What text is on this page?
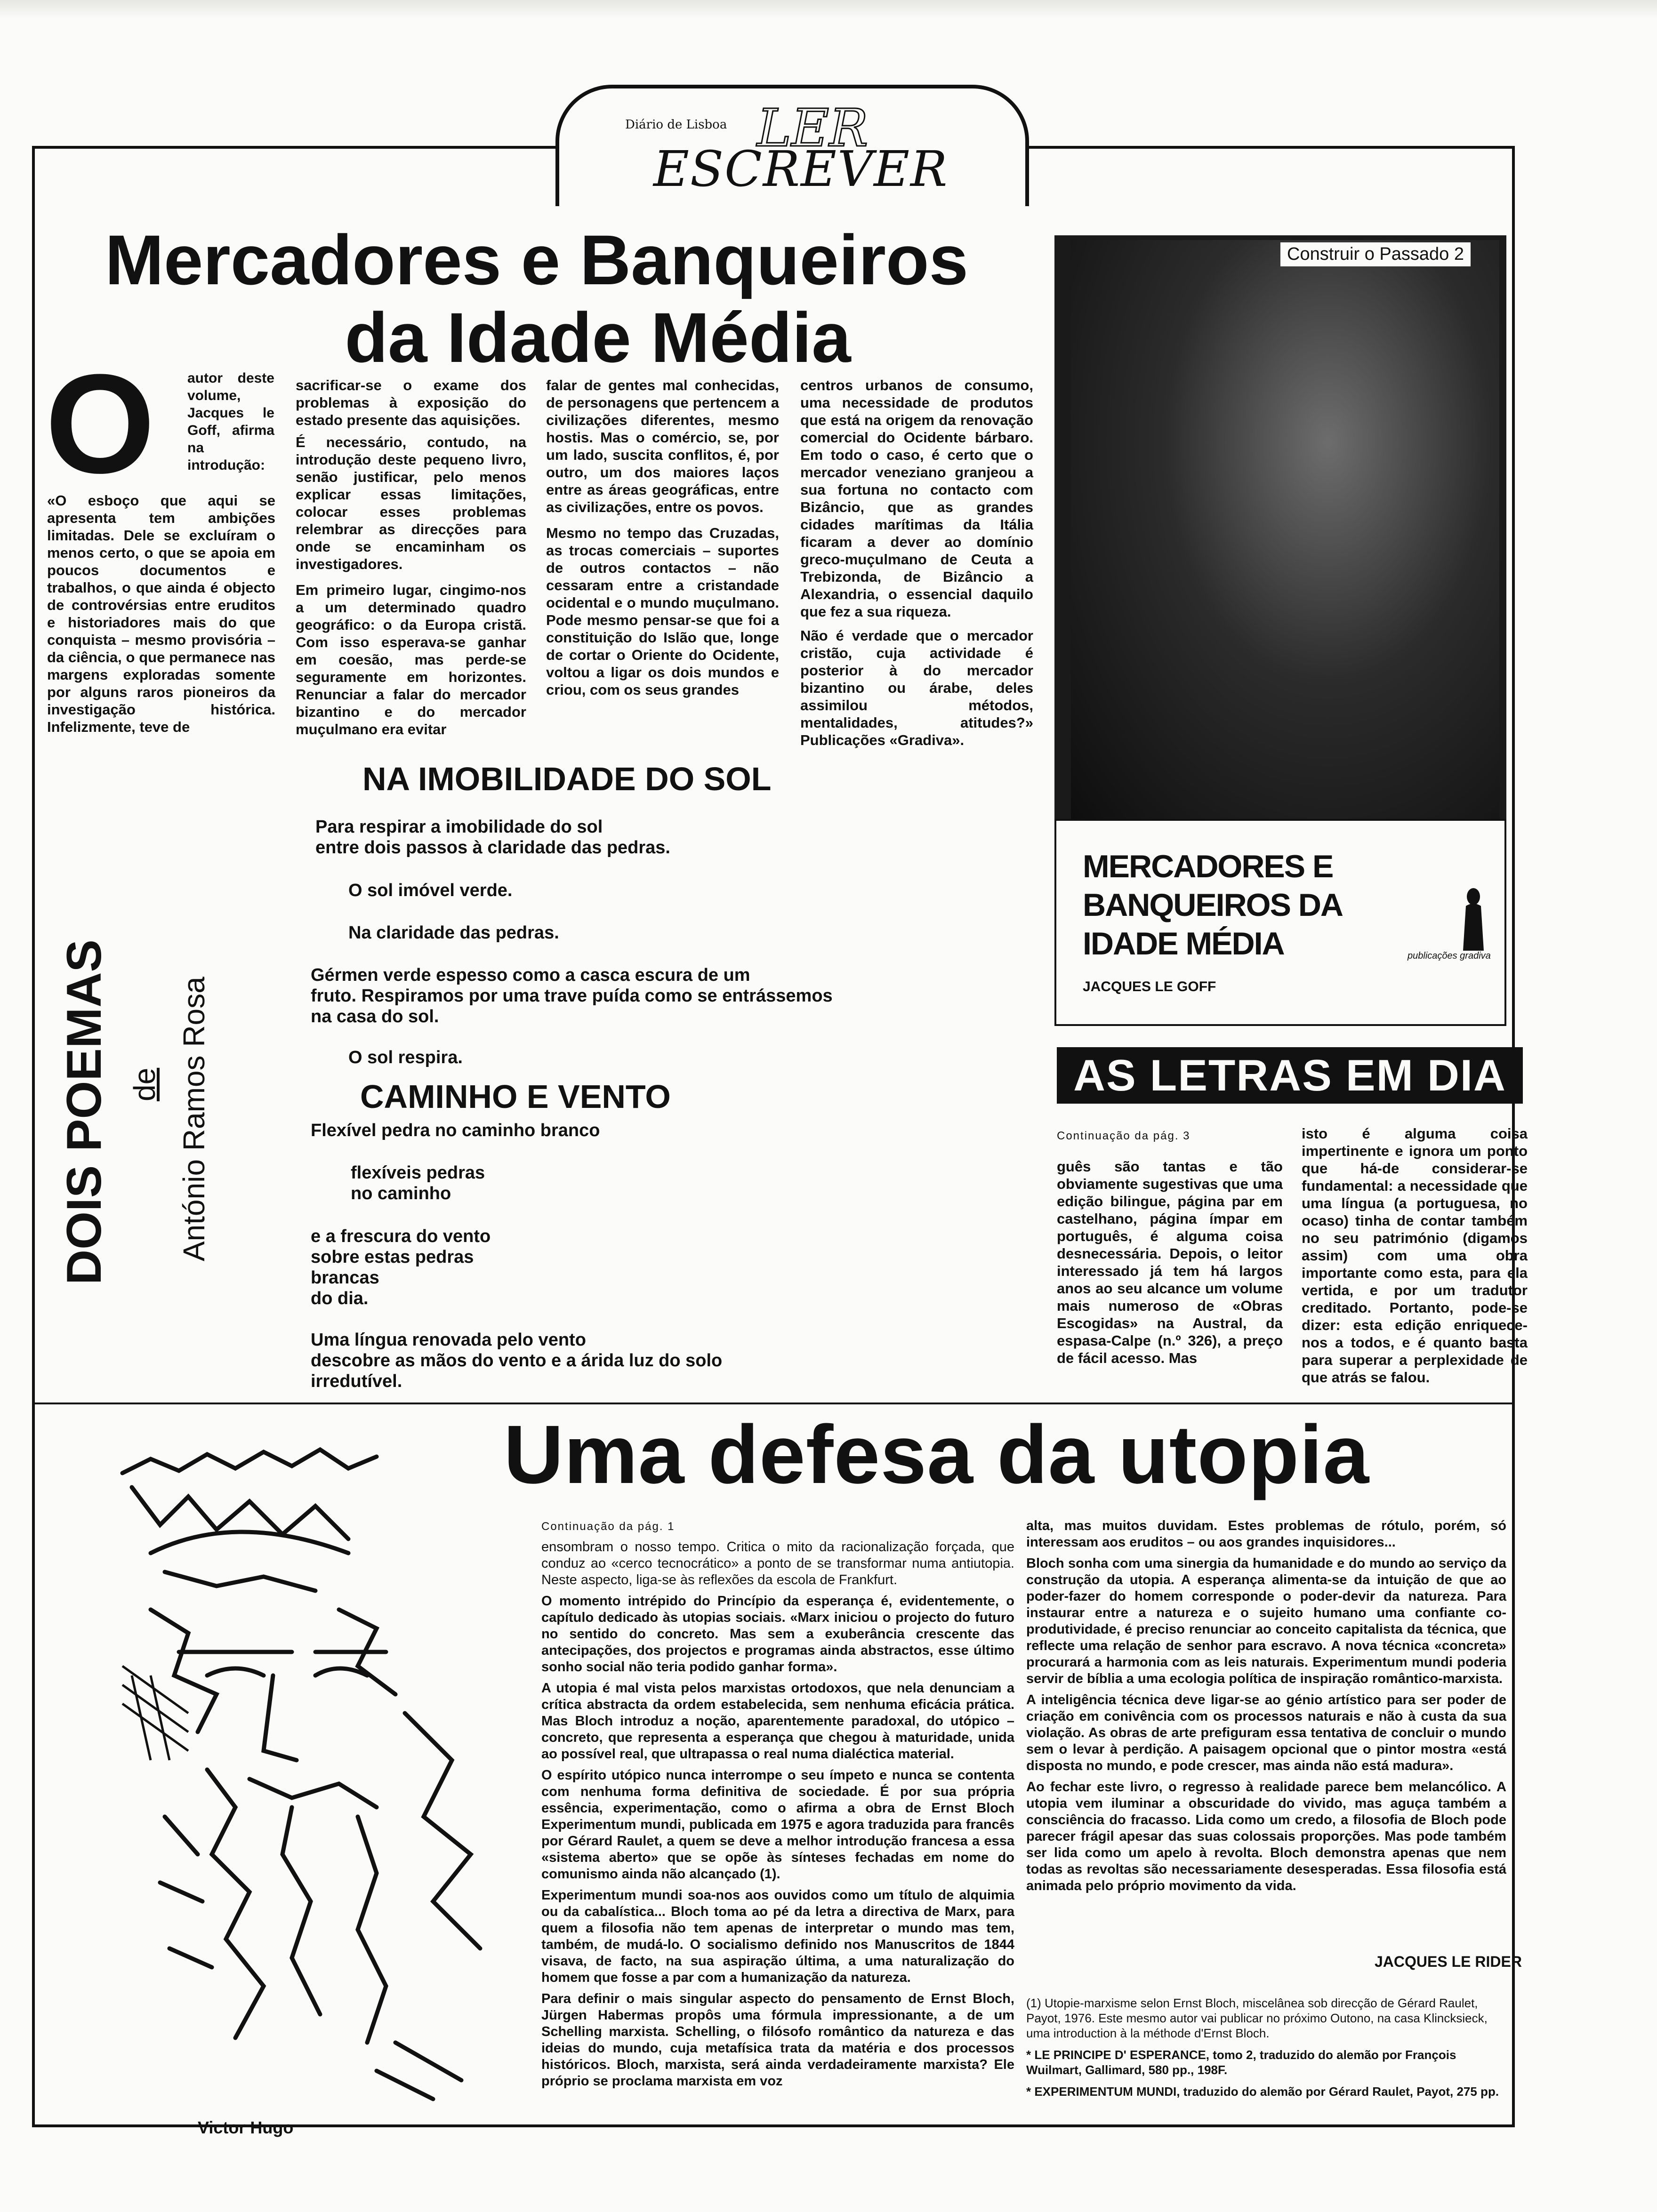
Diário de Lisboa LER
ESCREVER
Mercadores e Banqueiros
da Idade Média
O autor deste volume, Jacques le Goff, afirma na introdução:
«O esboço que aqui se apresenta tem ambições limitadas. Dele se excluíram o menos certo, o que se apoia em poucos documentos e trabalhos, o que ainda é objecto de controvérsias entre eruditos e historiadores mais do que conquista – mesmo provisória – da ciência, o que permanece nas margens exploradas somente por alguns raros pioneiros da investigação histórica. Infelizmente, teve de

sacrificar-se o exame dos problemas à exposição do estado presente das aquisições.

É necessário, contudo, na introdução deste pequeno livro, senão justificar, pelo menos explicar essas limitações, colocar esses problemas relembrar as direcções para onde se encaminham os investigadores.

Em primeiro lugar, cingimo-nos a um determinado quadro geográfico: o da Europa cristã. Com isso esperava-se ganhar em coesão, mas perde-se seguramente em horizontes. Renunciar a falar do mercador bizantino e do mercador muçulmano era evitar

falar de gentes mal conhecidas, de personagens que pertencem a civilizações diferentes, mesmo hostis. Mas o comércio, se, por um lado, suscita conflitos, é, por outro, um dos maiores laços entre as áreas geográficas, entre as civilizações, entre os povos.

Mesmo no tempo das Cruzadas, as trocas comerciais – suportes de outros contactos – não cessaram entre a cristandade ocidental e o mundo muçulmano. Pode mesmo pensar-se que foi a constituição do Islão que, longe de cortar o Oriente do Ocidente, voltou a ligar os dois mundos e criou, com os seus grandes

centros urbanos de consumo, uma necessidade de produtos que está na origem da renovação comercial do Ocidente bárbaro. Em todo o caso, é certo que o mercador veneziano granjeou a sua fortuna no contacto com Bizâncio, que as grandes cidades marítimas da Itália ficaram a dever ao domínio greco-muçulmano de Ceuta a Trebizonda, de Bizâncio a Alexandria, o essencial daquilo que fez a sua riqueza.

Não é verdade que o mercador cristão, cuja actividade é posterior à do mercador bizantino ou árabe, deles assimilou métodos, mentalidades, atitudes?» Publicações «Gradiva».

Construir o Passado 2
MERCADORES E
BANQUEIROS DA
IDADE MÉDIA
JACQUES LE GOFF
publicações gradiva
AS LETRAS EM DIA
Continuação da pág. 3
guês são tantas e tão obviamente sugestivas que uma edição bilingue, página par em castelhano, página ímpar em português, é alguma coisa desnecessária. Depois, o leitor interessado já tem há largos anos ao seu alcance um volume mais numeroso de «Obras Escogidas» na Austral, da espasa-Calpe (n.º 326), a preço de fácil acesso. Mas
isto é alguma coisa impertinente e ignora um ponto que há-de considerar-se fundamental: a necessidade que uma língua (a portuguesa, no ocaso) tinha de contar também no seu património (digamos assim) com uma obra importante como esta, para ela vertida, e por um tradutor creditado. Portanto, pode-se dizer: esta edição enriquece-nos a todos, e é quanto basta para superar a perplexidade de que atrás se falou.
DOIS POEMAS de António Ramos Rosa
NA IMOBILIDADE DO SOL
Para respirar a imobilidade do sol
entre dois passos à claridade das pedras.
O sol imóvel verde.
Na claridade das pedras.
Gérmen verde espesso como a casca escura de um
fruto. Respiramos por uma trave puída como se entrássemos
na casa do sol.
O sol respira.
CAMINHO E VENTO
Flexível pedra no caminho branco
flexíveis pedras
no caminho
e a frescura do vento
sobre estas pedras
brancas
do dia.
Uma língua renovada pelo vento
descobre as mãos do vento e a árida luz do solo
irredutível.
Uma defesa da utopia
Victor Hugo
Continuação da pág. 1

ensombram o nosso tempo. Critica o mito da racionalização forçada, que conduz ao «cerco tecnocrático» a ponto de se transformar numa antiutopia. Neste aspecto, liga-se às reflexões da escola de Frankfurt.

O momento intrépido do Princípio da esperança é, evidentemente, o capítulo dedicado às utopias sociais. «Marx iniciou o projecto do futuro no sentido do concreto. Mas sem a exuberância crescente das antecipações, dos projectos e programas ainda abstractos, esse último sonho social não teria podido ganhar forma».

A utopia é mal vista pelos marxistas ortodoxos, que nela denunciam a crítica abstracta da ordem estabelecida, sem nenhuma eficácia prática. Mas Bloch introduz a noção, aparentemente paradoxal, do utópico – concreto, que representa a esperança que chegou à maturidade, unida ao possível real, que ultrapassa o real numa dialéctica material.

O espírito utópico nunca interrompe o seu ímpeto e nunca se contenta com nenhuma forma definitiva de sociedade. É por sua própria essência, experimentação, como o afirma a obra de Ernst Bloch Experimentum mundi, publicada em 1975 e agora traduzida para francês por Gérard Raulet, a quem se deve a melhor introdução francesa a essa «sistema aberto» que se opõe às sínteses fechadas em nome do comunismo ainda não alcançado (1).

Experimentum mundi soa-nos aos ouvidos como um título de alquimia ou da cabalística... Bloch toma ao pé da letra a directiva de Marx, para quem a filosofia não tem apenas de interpretar o mundo mas tem, também, de mudá-lo. O socialismo definido nos Manuscritos de 1844 visava, de facto, na sua aspiração última, a uma naturalização do homem que fosse a par com a humanização da natureza.

Para definir o mais singular aspecto do pensamento de Ernst Bloch, Jürgen Habermas propôs uma fórmula impressionante, a de um Schelling marxista. Schelling, o filósofo romântico da natureza e das ideias do mundo, cuja metafísica trata da matéria e dos processos históricos. Bloch, marxista, será ainda verdadeiramente marxista? Ele próprio se proclama marxista em voz

alta, mas muitos duvidam. Estes problemas de rótulo, porém, só interessam aos eruditos – ou aos grandes inquisidores...

Bloch sonha com uma sinergia da humanidade e do mundo ao serviço da construção da utopia. A esperança alimenta-se da intuição de que ao poder-fazer do homem corresponde o poder-devir da natureza. Para instaurar entre a natureza e o sujeito humano uma confiante co-produtividade, é preciso renunciar ao conceito capitalista da técnica, que reflecte uma relação de senhor para escravo. A nova técnica «concreta» procurará a harmonia com as leis naturais. Experimentum mundi poderia servir de bíblia a uma ecologia política de inspiração romântico-marxista.

A inteligência técnica deve ligar-se ao génio artístico para ser poder de criação em conivência com os processos naturais e não à custa da sua violação. As obras de arte prefiguram essa tentativa de concluir o mundo sem o levar à perdição. A paisagem opcional que o pintor mostra «está disposta no mundo, e pode crescer, mas ainda não está madura».

Ao fechar este livro, o regresso à realidade parece bem melancólico. A utopia vem iluminar a obscuridade do vivido, mas aguça também a consciência do fracasso. Lida como um credo, a filosofia de Bloch pode parecer frágil apesar das suas colossais proporções. Mas pode também ser lida como um apelo à revolta. Bloch demonstra apenas que nem todas as revoltas são necessariamente desesperadas. Essa filosofia está animada pelo próprio movimento da vida.

JACQUES LE RIDER

(1) Utopie-marxisme selon Ernst Bloch, miscelânea sob direcção de Gérard Raulet, Payot, 1976. Este mesmo autor vai publicar no próximo Outono, na casa Klincksieck, uma introduction à la méthode d'Ernst Bloch.

* LE PRINCIPE D' ESPERANCE, tomo 2, traduzido do alemão por François Wuilmart, Gallimard, 580 pp., 198F.

* EXPERIMENTUM MUNDI, traduzido do alemão por Gérard Raulet, Payot, 275 pp.
